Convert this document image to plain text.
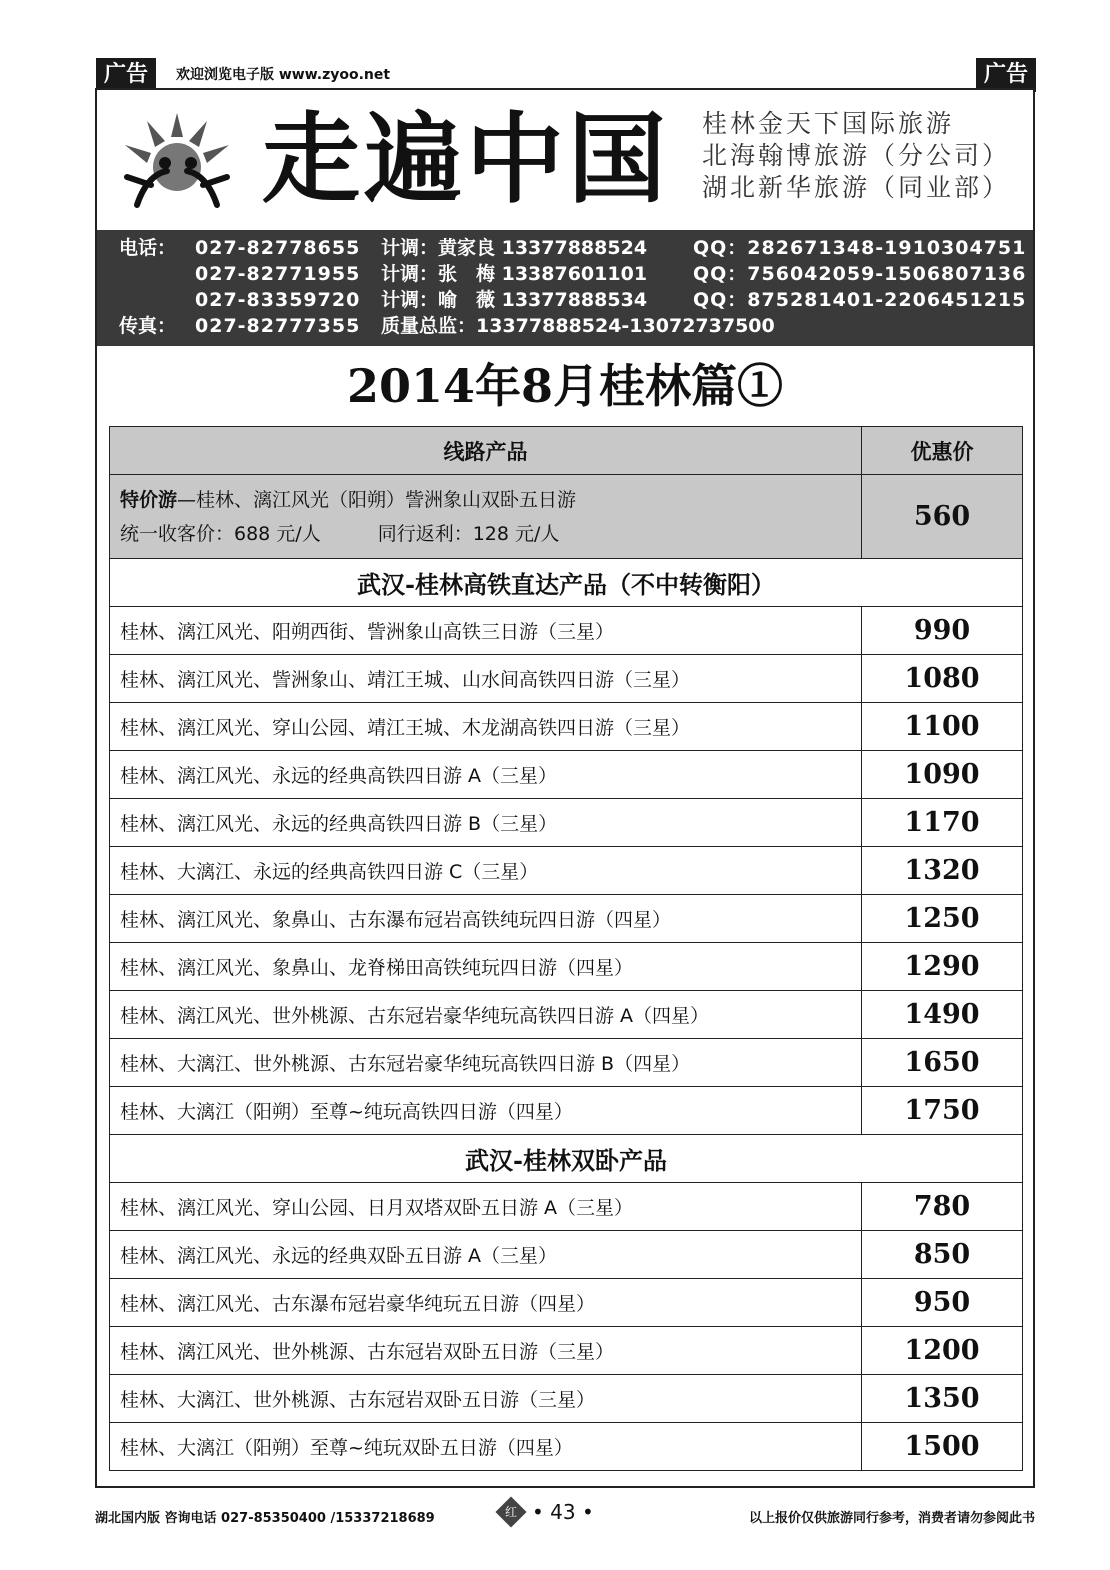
广告	欢迎浏览电子版 www.zyoo.net	广告
走遍中国 桂林金天下国际旅游
北海翰博旅游（分公司）
湖北新华旅游（同业部）
电话： 027-82778655 计调：黄家良 13377888524 QQ：282671348-1910304751
027-82771955 计调：张　梅 13387601101 QQ：756042059-1506807136
027-83359720 计调：喻　薇 13377888534 QQ：875281401-2206451215
传真： 027-82777355 质量总监：13377888524-13072737500
2014年8月桂林篇①
线路产品	优惠价

特价游—桂林、漓江风光（阳朔）訾洲象山双卧五日游
统一收客价：688 元/人　　　同行返利：128 元/人	560
武汉-桂林高铁直达产品（不中转衡阳）	
桂林、漓江风光、阳朔西街、訾洲象山高铁三日游（三星）	990
桂林、漓江风光、訾洲象山、靖江王城、山水间高铁四日游（三星）	1080
桂林、漓江风光、穿山公园、靖江王城、木龙湖高铁四日游（三星）	1100
桂林、漓江风光、永远的经典高铁四日游 A（三星）	1090
桂林、漓江风光、永远的经典高铁四日游 B（三星）	1170
桂林、大漓江、永远的经典高铁四日游 C（三星）	1320
桂林、漓江风光、象鼻山、古东瀑布冠岩高铁纯玩四日游（四星）	1250
桂林、漓江风光、象鼻山、龙脊梯田高铁纯玩四日游（四星）	1290
桂林、漓江风光、世外桃源、古东冠岩豪华纯玩高铁四日游 A（四星）	1490
桂林、大漓江、世外桃源、古东冠岩豪华纯玩高铁四日游 B（四星）	1650
桂林、大漓江（阳朔）至尊~纯玩高铁四日游（四星）	1750
武汉-桂林双卧产品	
桂林、漓江风光、穿山公园、日月双塔双卧五日游 A（三星）	780
桂林、漓江风光、永远的经典双卧五日游 A（三星）	850
桂林、漓江风光、古东瀑布冠岩豪华纯玩五日游（四星）	950
桂林、漓江风光、世外桃源、古东冠岩双卧五日游（三星）	1200
桂林、大漓江、世外桃源、古东冠岩双卧五日游（三星）	1350
桂林、大漓江（阳朔）至尊~纯玩双卧五日游（四星）	1500
湖北国内版 咨询电话 027-85350400 /15337218689	红 • 43 •	以上报价仅供旅游同行参考，消费者请勿参阅此书
